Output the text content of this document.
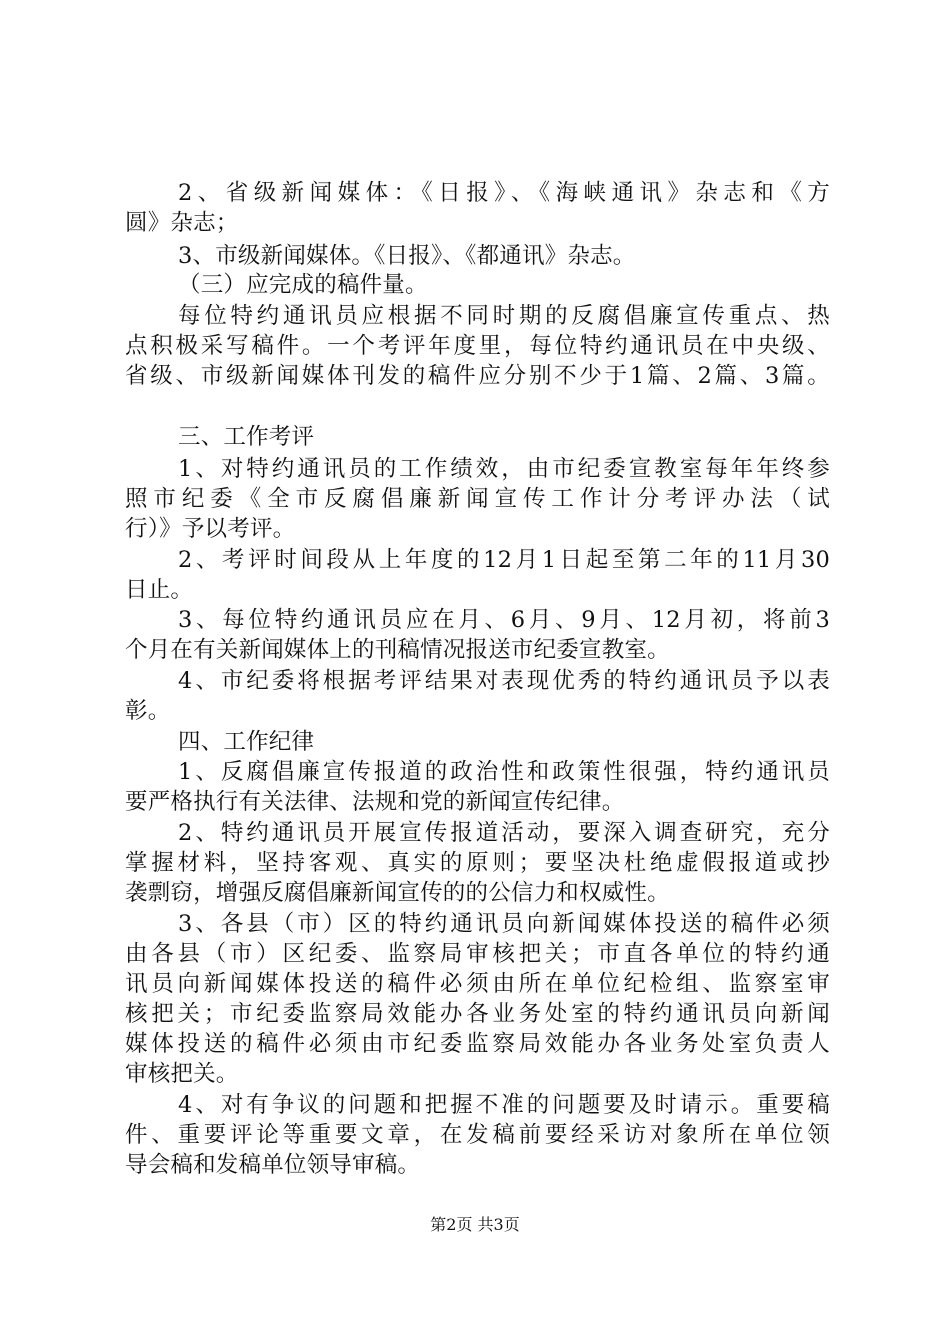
2、省级新闻媒体：《日报》、《海峡通讯》杂志和《方

圆》杂志；

3、市级新闻媒体。《日报》、《都通讯》杂志。

（三）应完成的稿件量。

每位特约通讯员应根据不同时期的反腐倡廉宣传重点、热

点积极采写稿件。一个考评年度里，每位特约通讯员在中央级、

省级、市级新闻媒体刊发的稿件应分别不少于1篇、2篇、3篇。

三、工作考评

1、对特约通讯员的工作绩效，由市纪委宣教室每年年终参

照市纪委《全市反腐倡廉新闻宣传工作计分考评办法（试

行）》予以考评。

2、考评时间段从上年度的12月1日起至第二年的11月30

日止。

3、每位特约通讯员应在月、6月、9月、12月初，将前3

个月在有关新闻媒体上的刊稿情况报送市纪委宣教室。

4、市纪委将根据考评结果对表现优秀的特约通讯员予以表

彰。

四、工作纪律

1、反腐倡廉宣传报道的政治性和政策性很强，特约通讯员

要严格执行有关法律、法规和党的新闻宣传纪律。

2、特约通讯员开展宣传报道活动，要深入调查研究，充分

掌握材料，坚持客观、真实的原则；要坚决杜绝虚假报道或抄

袭剽窃，增强反腐倡廉新闻宣传的的公信力和权威性。

3、各县（市）区的特约通讯员向新闻媒体投送的稿件必须

由各县（市）区纪委、监察局审核把关；市直各单位的特约通

讯员向新闻媒体投送的稿件必须由所在单位纪检组、监察室审

核把关；市纪委监察局效能办各业务处室的特约通讯员向新闻

媒体投送的稿件必须由市纪委监察局效能办各业务处室负责人

审核把关。

4、对有争议的问题和把握不准的问题要及时请示。重要稿

件、重要评论等重要文章，在发稿前要经采访对象所在单位领

导会稿和发稿单位领导审稿。

第2页 共3页
